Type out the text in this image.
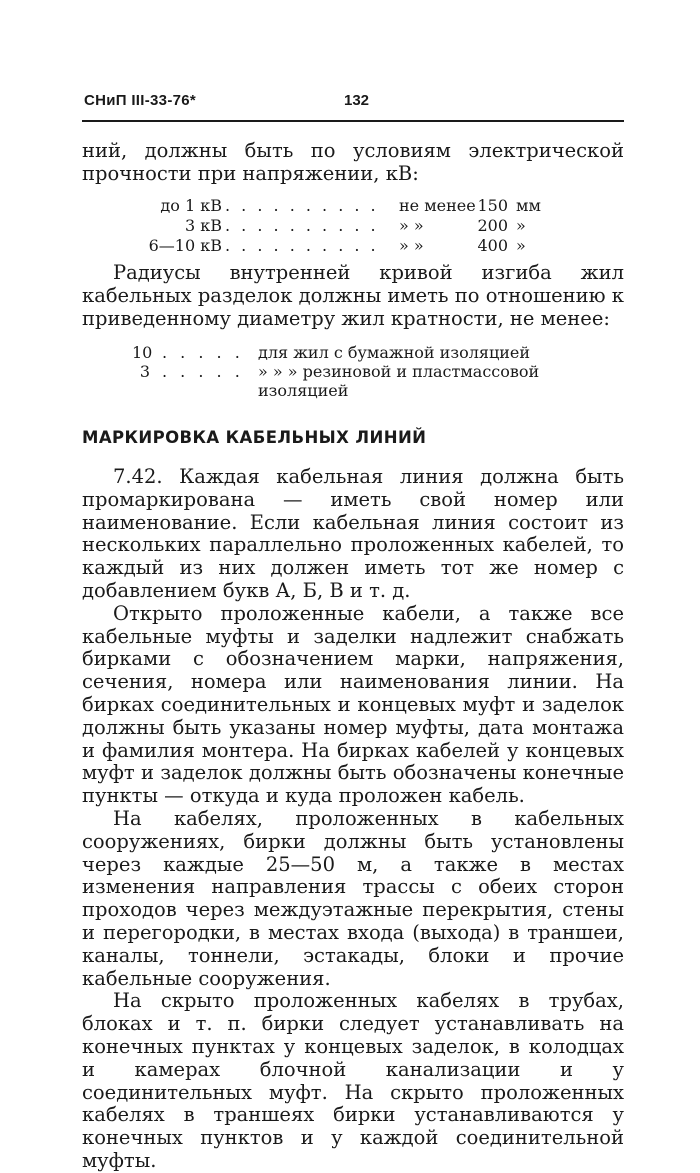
СНиП III-33-76*	132

ний, должны быть по условиям электрической прочности при напряжении, кВ:

до 1 кВ . . . . . . . . . . не менее 150 мм
3 кВ . . . . . . . . . . » »	200 »
6—10 кВ . . . . . . . . . . » »	400 »

Радиусы внутренней кривой изгиба жил кабельных разделок должны иметь по отношению к приведенному диаметру жил кратности, не менее:

10 . . . . . для жил с бумажной изоляцией
3 . . . . . » » » резиновой и пластмассовой изоляцией
МАРКИРОВКА КАБЕЛЬНЫХ ЛИНИЙ

7.42. Каждая кабельная линия должна быть промаркирована — иметь свой номер или наименование. Если кабельная линия состоит из нескольких параллельно проложенных кабелей, то каждый из них должен иметь тот же номер с добавлением букв А, Б, В и т. д.

Открыто проложенные кабели, а также все кабельные муфты и заделки надлежит снабжать бирками с обозначением марки, напряжения, сечения, номера или наименования линии. На бирках соединительных и концевых муфт и заделок должны быть указаны номер муфты, дата монтажа и фамилия монтера. На бирках кабелей у концевых муфт и заделок должны быть обозначены конечные пункты — откуда и куда проложен кабель.

На кабелях, проложенных в кабельных сооружениях, бирки должны быть установлены через каждые 25—50 м, а также в местах изменения направления трассы с обеих сторон проходов через междуэтажные перекрытия, стены и перегородки, в местах входа (выхода) в траншеи, каналы, тоннели, эстакады, блоки и прочие кабельные сооружения.

На скрыто проложенных кабелях в трубах, блоках и т. п. бирки следует устанавливать на конечных пунктах у концевых заделок, в колодцах и камерах блочной канализации и у соединительных муфт. На скрыто проложенных кабелях в траншеях бирки устанавливаются у конечных пунктов и у каждой соединительной муфты.
